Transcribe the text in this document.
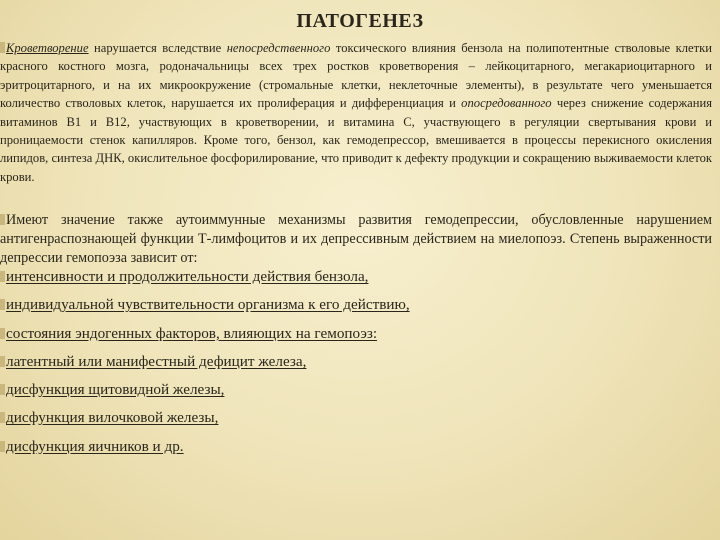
ПАТОГЕНЕЗ

Кроветворение нарушается вследствие непосредственного токсического влияния бензола на полипотентные стволовые клетки красного костного мозга, родоначальницы всех трех ростков кроветворения – лейкоцитарного, мегакариоцитарного и эритроцитарного, и на их микроокружение (стромальные клетки, неклеточные элементы), в результате чего уменьшается количество стволовых клеток, нарушается их пролиферация и дифференциация и опосредованного через снижение содержания витаминов В1 и В12, участвующих в кроветворении, и витамина С, участвующего в регуляции свертывания крови и проницаемости стенок капилляров. Кроме того, бензол, как гемодепрессор, вмешивается в процессы перекисного окисления липидов, синтеза ДНК, окислительное фосфорилирование, что приводит к дефекту продукции и сокращению выживаемости клеток крови.

Имеют значение также аутоиммунные механизмы развития гемодепрессии, обусловленные нарушением антигенраспознающей функции Т-лимфоцитов и их депрессивным действием на миелопоэз. Степень выраженности депрессии гемопоэза зависит от:

интенсивности и продолжительности действия бензола,
индивидуальной чувствительности организма к его действию,
состояния эндогенных факторов, влияющих на гемопоэз:
латентный или манифестный дефицит железа,
дисфункция щитовидной железы,
дисфункция вилочковой железы,
дисфункция яичников и др.
